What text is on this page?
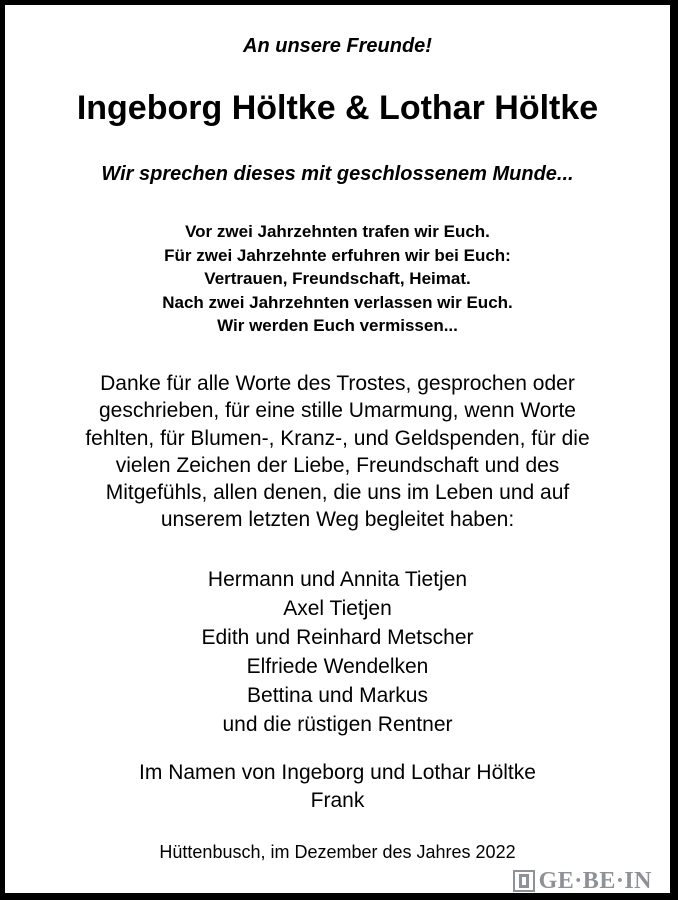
An unsere Freunde!

Ingeborg Höltke & Lothar Höltke

Wir sprechen dieses mit geschlossenem Munde...

Vor zwei Jahrzehnten trafen wir Euch.
Für zwei Jahrzehnte erfuhren wir bei Euch:
Vertrauen, Freundschaft, Heimat.
Nach zwei Jahrzehnten verlassen wir Euch.
Wir werden Euch vermissen...
Danke für alle Worte des Trostes, gesprochen oder
geschrieben, für eine stille Umarmung, wenn Worte
fehlten, für Blumen-, Kranz-, und Geldspenden, für die
vielen Zeichen der Liebe, Freundschaft und des
Mitgefühls, allen denen, die uns im Leben und auf
unserem letzten Weg begleitet haben:
Hermann und Annita Tietjen
Axel Tietjen
Edith und Reinhard Metscher
Elfriede Wendelken
Bettina und Markus
und die rüstigen Rentner
Im Namen von Ingeborg und Lothar Höltke
Frank

Hüttenbusch, im Dezember des Jahres 2022

GE·BE·IN
